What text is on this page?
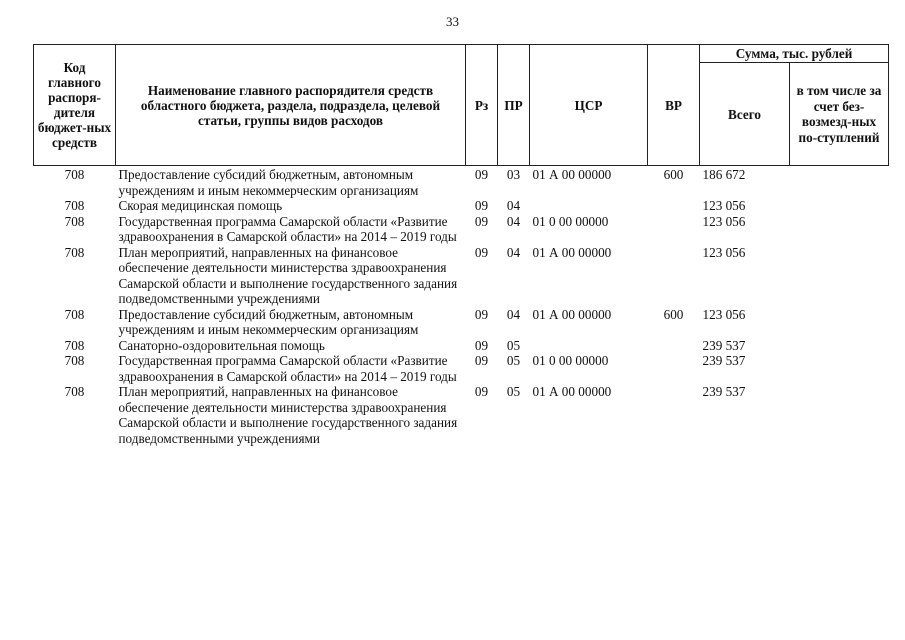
33
Код главного распоря-дителя бюджет-ных средств	Наименование главного распорядителя средств областного бюджета, раздела, подраздела, целевой статьи, группы видов расходов	Рз	ПР	ЦСР	ВР	Сумма, тыс. рублей	
						Всего	в том числе за счет без-возмезд-ных по-ступлений
708	Предоставление субсидий бюджетным, автономным учреждениям и иным некоммерческим организациям	09	03	01 А 00 00000	600	186 672	
708	Скорая медицинская помощь	09	04			123 056	
708	Государственная программа Самарской области «Развитие здравоохранения в Самарской области» на 2014 – 2019 годы	09	04	01 0 00 00000		123 056	
708	План мероприятий, направленных на финансовое обеспечение деятельности министерства здравоохранения Самарской области и выполнение государственного задания подведомственными учреждениями	09	04	01 А 00 00000		123 056	
708	Предоставление субсидий бюджетным, автономным учреждениям и иным некоммерческим организациям	09	04	01 А 00 00000	600	123 056	
708	Санаторно-оздоровительная помощь	09	05			239 537	
708	Государственная программа Самарской области «Развитие здравоохранения в Самарской области» на 2014 – 2019 годы	09	05	01 0 00 00000		239 537	
708	План мероприятий, направленных на финансовое обеспечение деятельности министерства здравоохранения Самарской области и выполнение государственного задания подведомственными учреждениями	09	05	01 А 00 00000		239 537	
